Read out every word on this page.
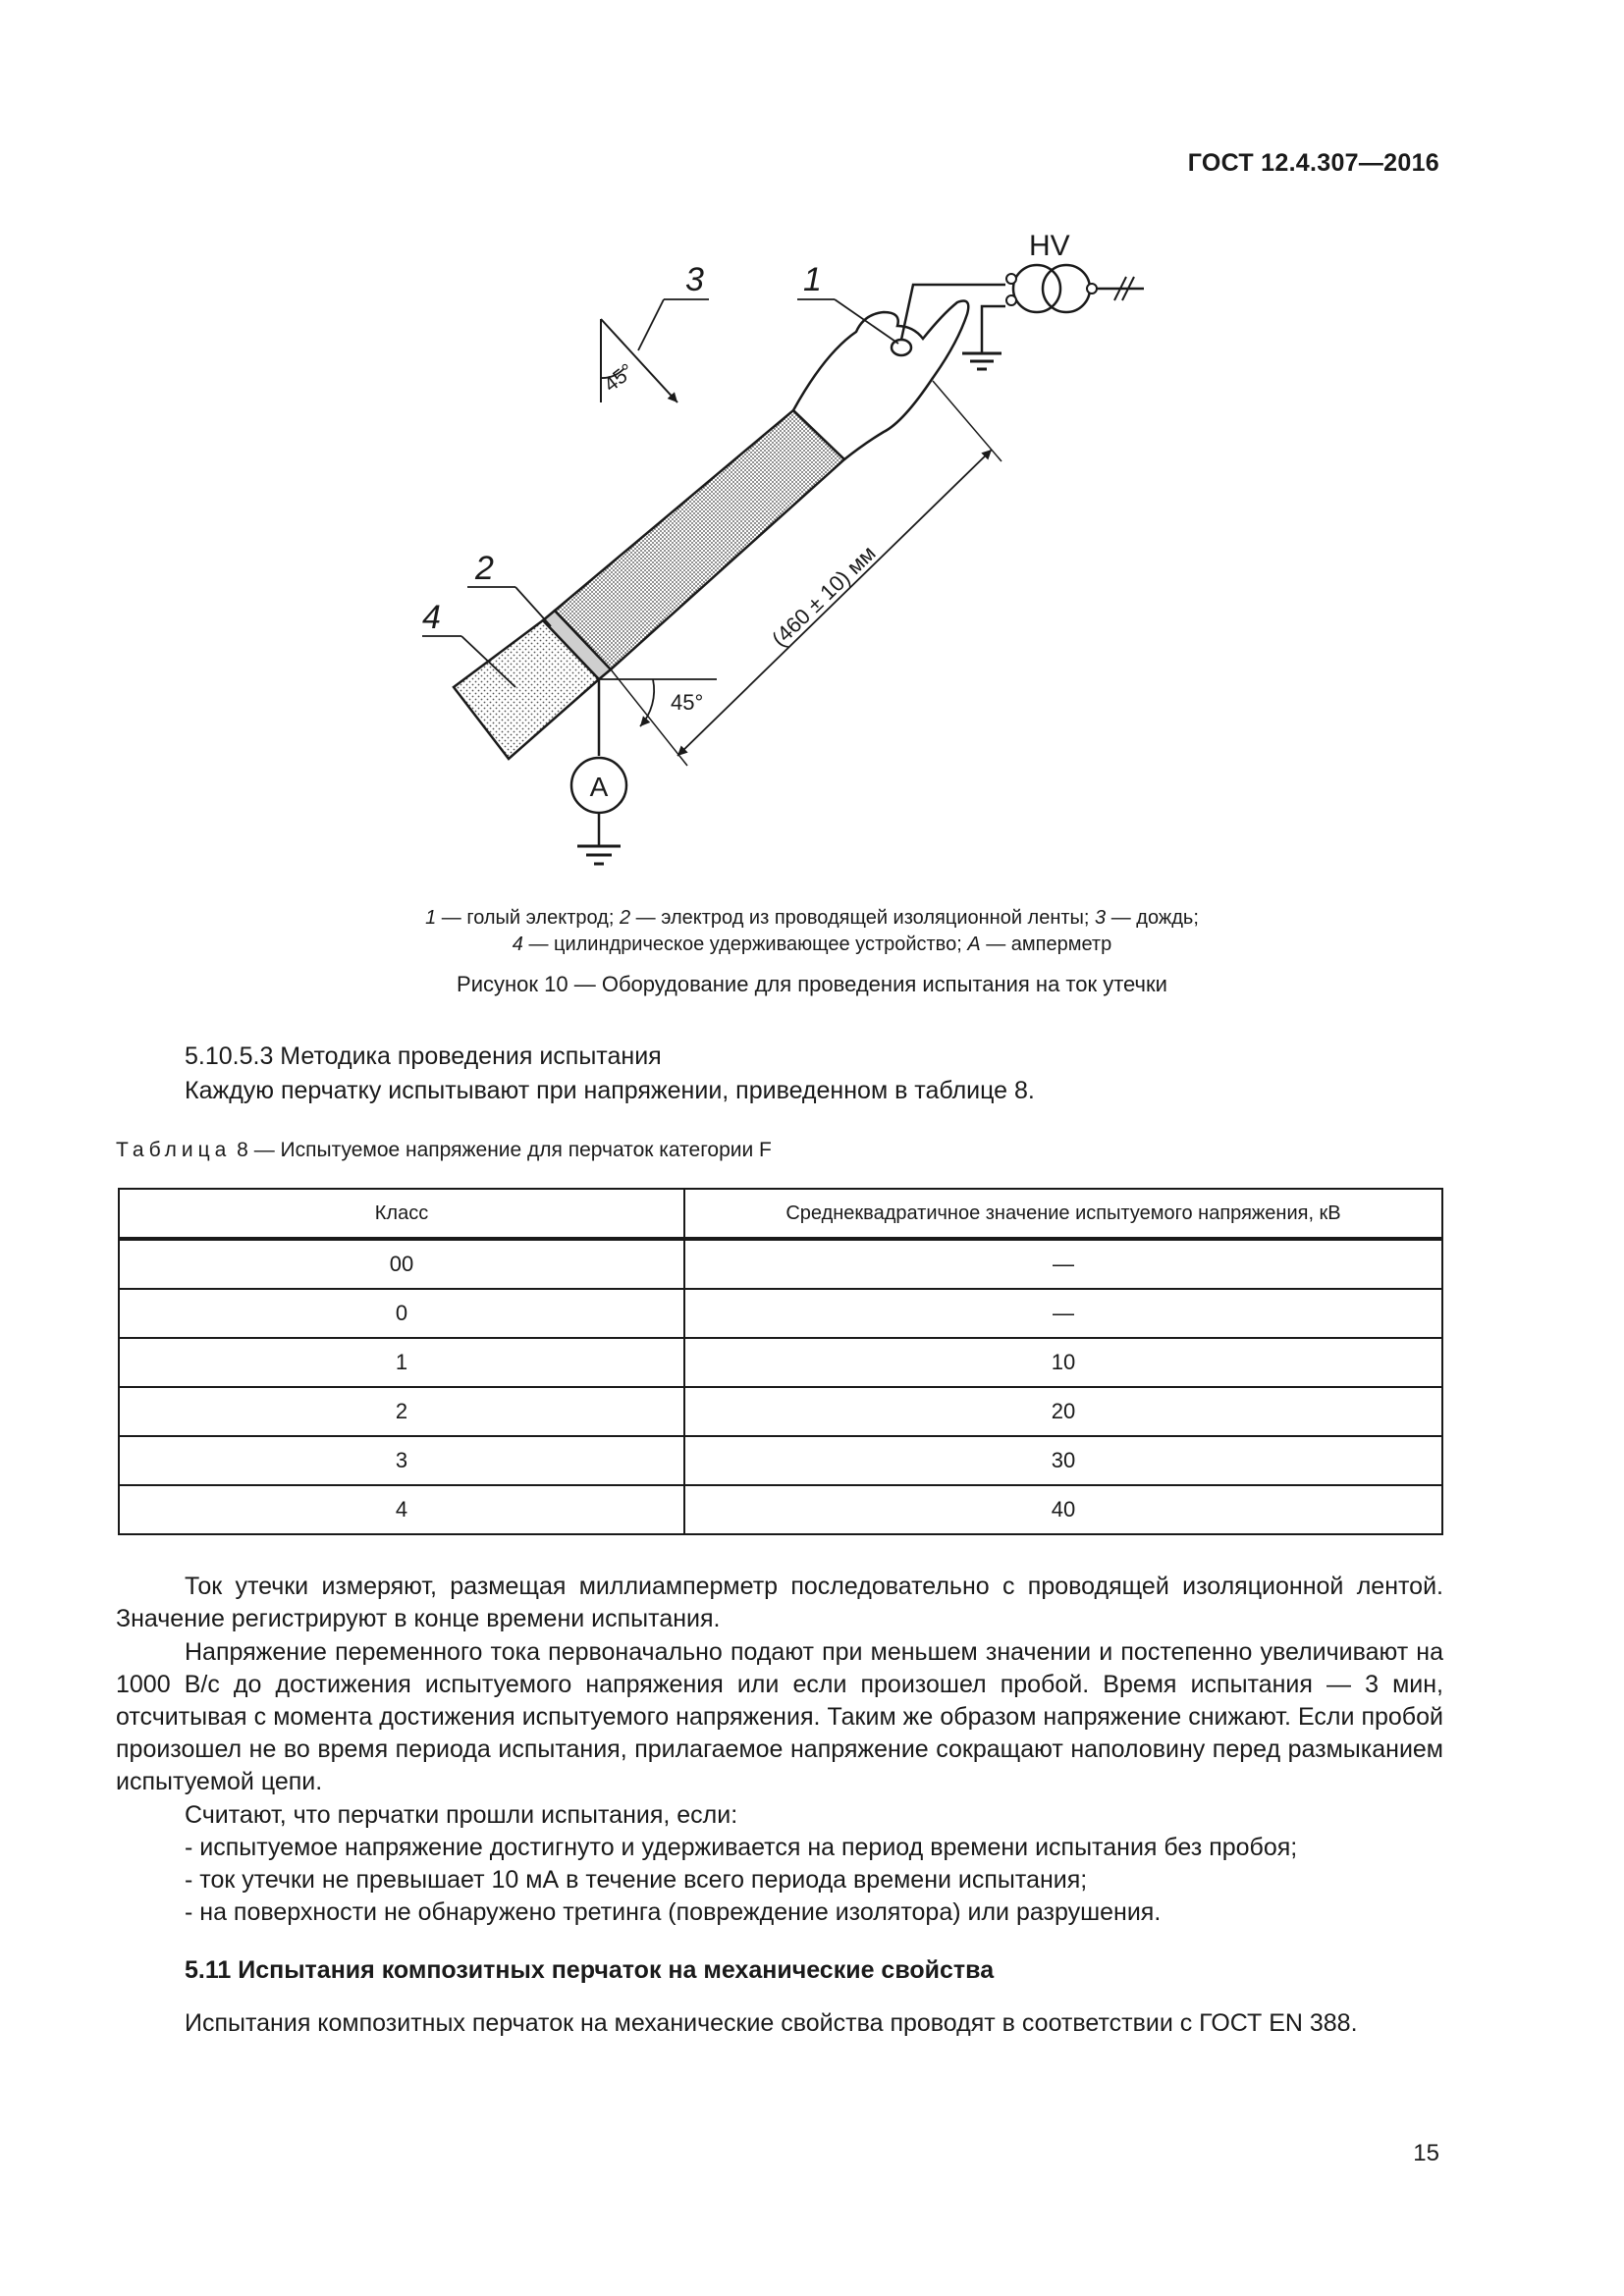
ГОСТ 12.4.307—2016
HV
A
45°
(460 ± 10) мм
45°
3	1
2
4
1 — голый электрод; 2 — электрод из проводящей изоляционной ленты; 3 — дождь;
4 — цилиндрическое удерживающее устройство; А — амперметр
Рисунок 10 — Оборудование для проведения испытания на ток утечки
5.10.5.3 Методика проведения испытания
Каждую перчатку испытывают при напряжении, приведенном в таблице 8.
Таблица 8 — Испытуемое напряжение для перчаток категории F
Класс	Среднеквадратичное значение испытуемого напряжения, кВ
00	—
0	—
1	10
2	20
3	30
4	40
Ток утечки измеряют, размещая миллиамперметр последовательно с проводящей изоляционной лентой. Значение регистрируют в конце времени испытания.
Напряжение переменного тока первоначально подают при меньшем значении и постепенно увеличивают на 1000 В/с до достижения испытуемого напряжения или если произошел пробой. Время испытания — 3 мин, отсчитывая с момента достижения испытуемого напряжения. Таким же образом напряжение снижают. Если пробой произошел не во время периода испытания, прилагаемое напряжение сокращают наполовину перед размыканием испытуемой цепи.
Считают, что перчатки прошли испытания, если:
- испытуемое напряжение достигнуто и удерживается на период времени испытания без пробоя;
- ток утечки не превышает 10 мА в течение всего периода времени испытания;
- на поверхности не обнаружено третинга (повреждение изолятора) или разрушения.
5.11 Испытания композитных перчаток на механические свойства
Испытания композитных перчаток на механические свойства проводят в соответствии с ГОСТ EN 388.
15
